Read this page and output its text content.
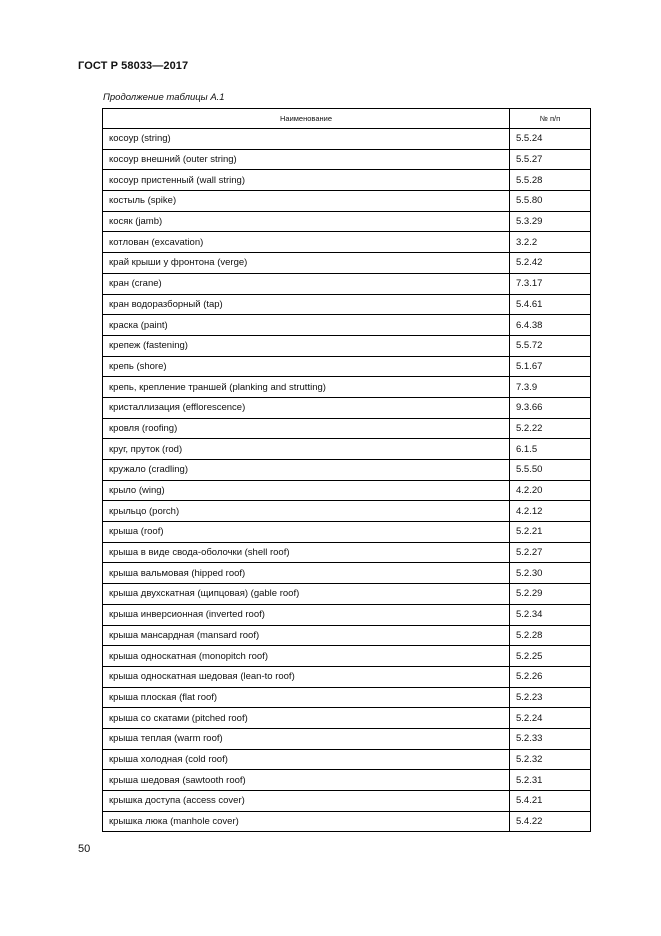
ГОСТ Р 58033—2017
Продолжение таблицы А.1
Наименование	№ п/п
косоур (string)	5.5.24
косоур внешний (outer string)	5.5.27
косоур пристенный (wall string)	5.5.28
костыль (spike)	5.5.80
косяк (jamb)	5.3.29
котлован (excavation)	3.2.2
край крыши у фронтона (verge)	5.2.42
кран (crane)	7.3.17
кран водоразборный (tap)	5.4.61
краска (paint)	6.4.38
крепеж (fastening)	5.5.72
крепь (shore)	5.1.67
крепь, крепление траншей (planking and strutting)	7.3.9
кристаллизация (efflorescence)	9.3.66
кровля (roofing)	5.2.22
круг, пруток (rod)	6.1.5
кружало (cradling)	5.5.50
крыло (wing)	4.2.20
крыльцо (porch)	4.2.12
крыша (roof)	5.2.21
крыша в виде свода-оболочки (shell roof)	5.2.27
крыша вальмовая (hipped roof)	5.2.30
крыша двухскатная (щипцовая) (gable roof)	5.2.29
крыша инверсионная (inverted roof)	5.2.34
крыша мансардная (mansard roof)	5.2.28
крыша односкатная (monopitch roof)	5.2.25
крыша односкатная шедовая (lean-to roof)	5.2.26
крыша плоская (flat roof)	5.2.23
крыша со скатами (pitched roof)	5.2.24
крыша теплая (warm roof)	5.2.33
крыша холодная (cold roof)	5.2.32
крыша шедовая (sawtooth roof)	5.2.31
крышка доступа (access cover)	5.4.21
крышка люка (manhole cover)	5.4.22
50
